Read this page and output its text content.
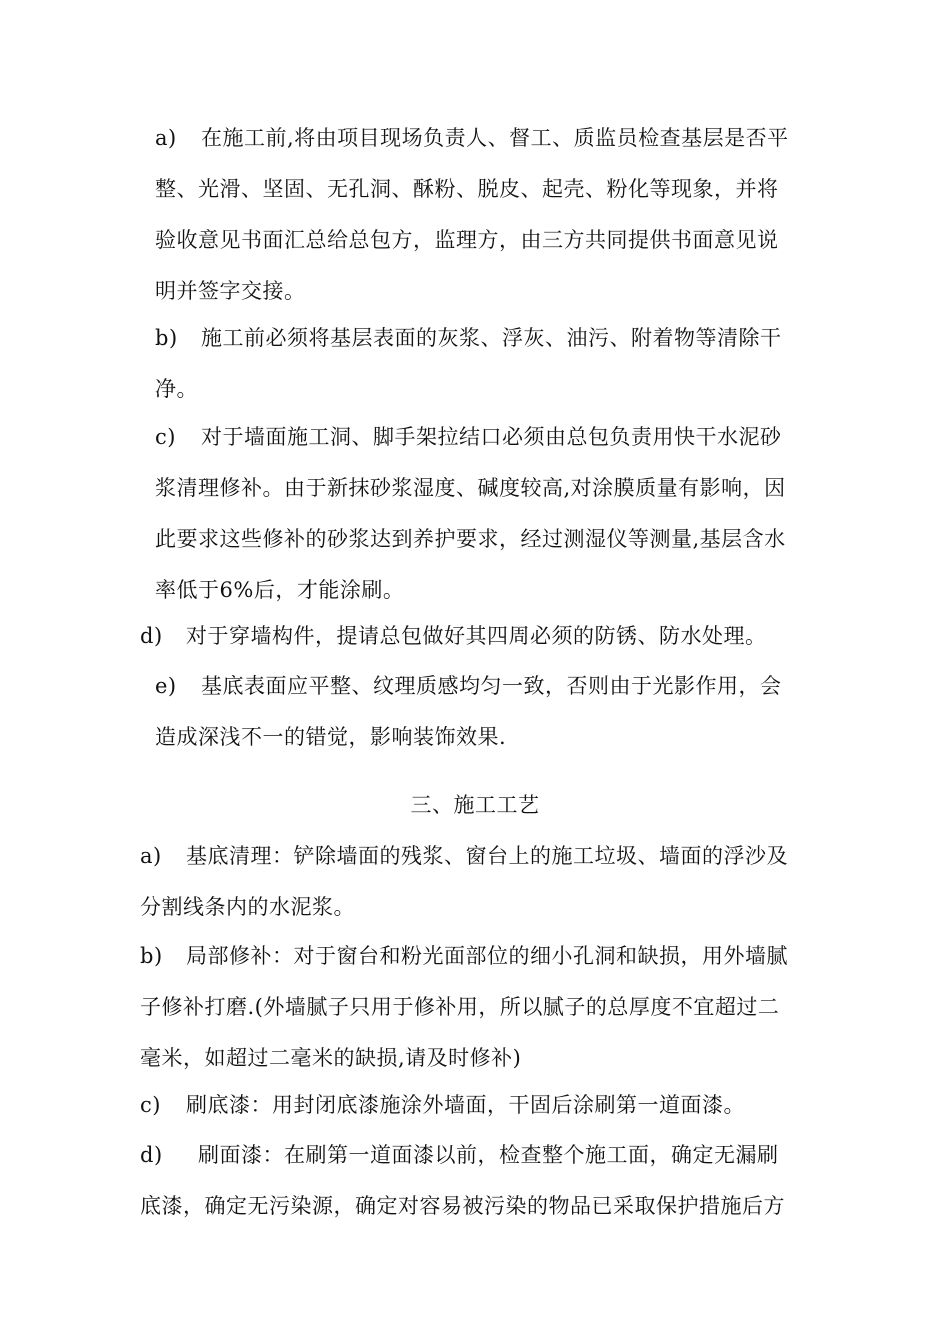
a) 在施工前,将由项目现场负责人、督工、质监员检查基层是否平
整、光滑、坚固、无孔洞、酥粉、脱皮、起壳、粉化等现象，并将
验收意见书面汇总给总包方，监理方，由三方共同提供书面意见说
明并签字交接。
b) 施工前必须将基层表面的灰浆、浮灰、油污、附着物等清除干
净。
c) 对于墙面施工洞、脚手架拉结口必须由总包负责用快干水泥砂
浆清理修补。由于新抹砂浆湿度、碱度较高,对涂膜质量有影响，因
此要求这些修补的砂浆达到养护要求，经过测湿仪等测量,基层含水
率低于6%后，才能涂刷。
d) 对于穿墙构件，提请总包做好其四周必须的防锈、防水处理。
e) 基底表面应平整、纹理质感均匀一致，否则由于光影作用，会
造成深浅不一的错觉，影响装饰效果.
三、施工工艺
a) 基底清理：铲除墙面的残浆、窗台上的施工垃圾、墙面的浮沙及
分割线条内的水泥浆。
b) 局部修补：对于窗台和粉光面部位的细小孔洞和缺损，用外墙腻
子修补打磨.(外墙腻子只用于修补用，所以腻子的总厚度不宜超过二
毫米，如超过二毫米的缺损,请及时修补)
c) 刷底漆：用封闭底漆施涂外墙面，干固后涂刷第一道面漆。
d) 刷面漆：在刷第一道面漆以前，检查整个施工面，确定无漏刷
底漆，确定无污染源，确定对容易被污染的物品已采取保护措施后方
